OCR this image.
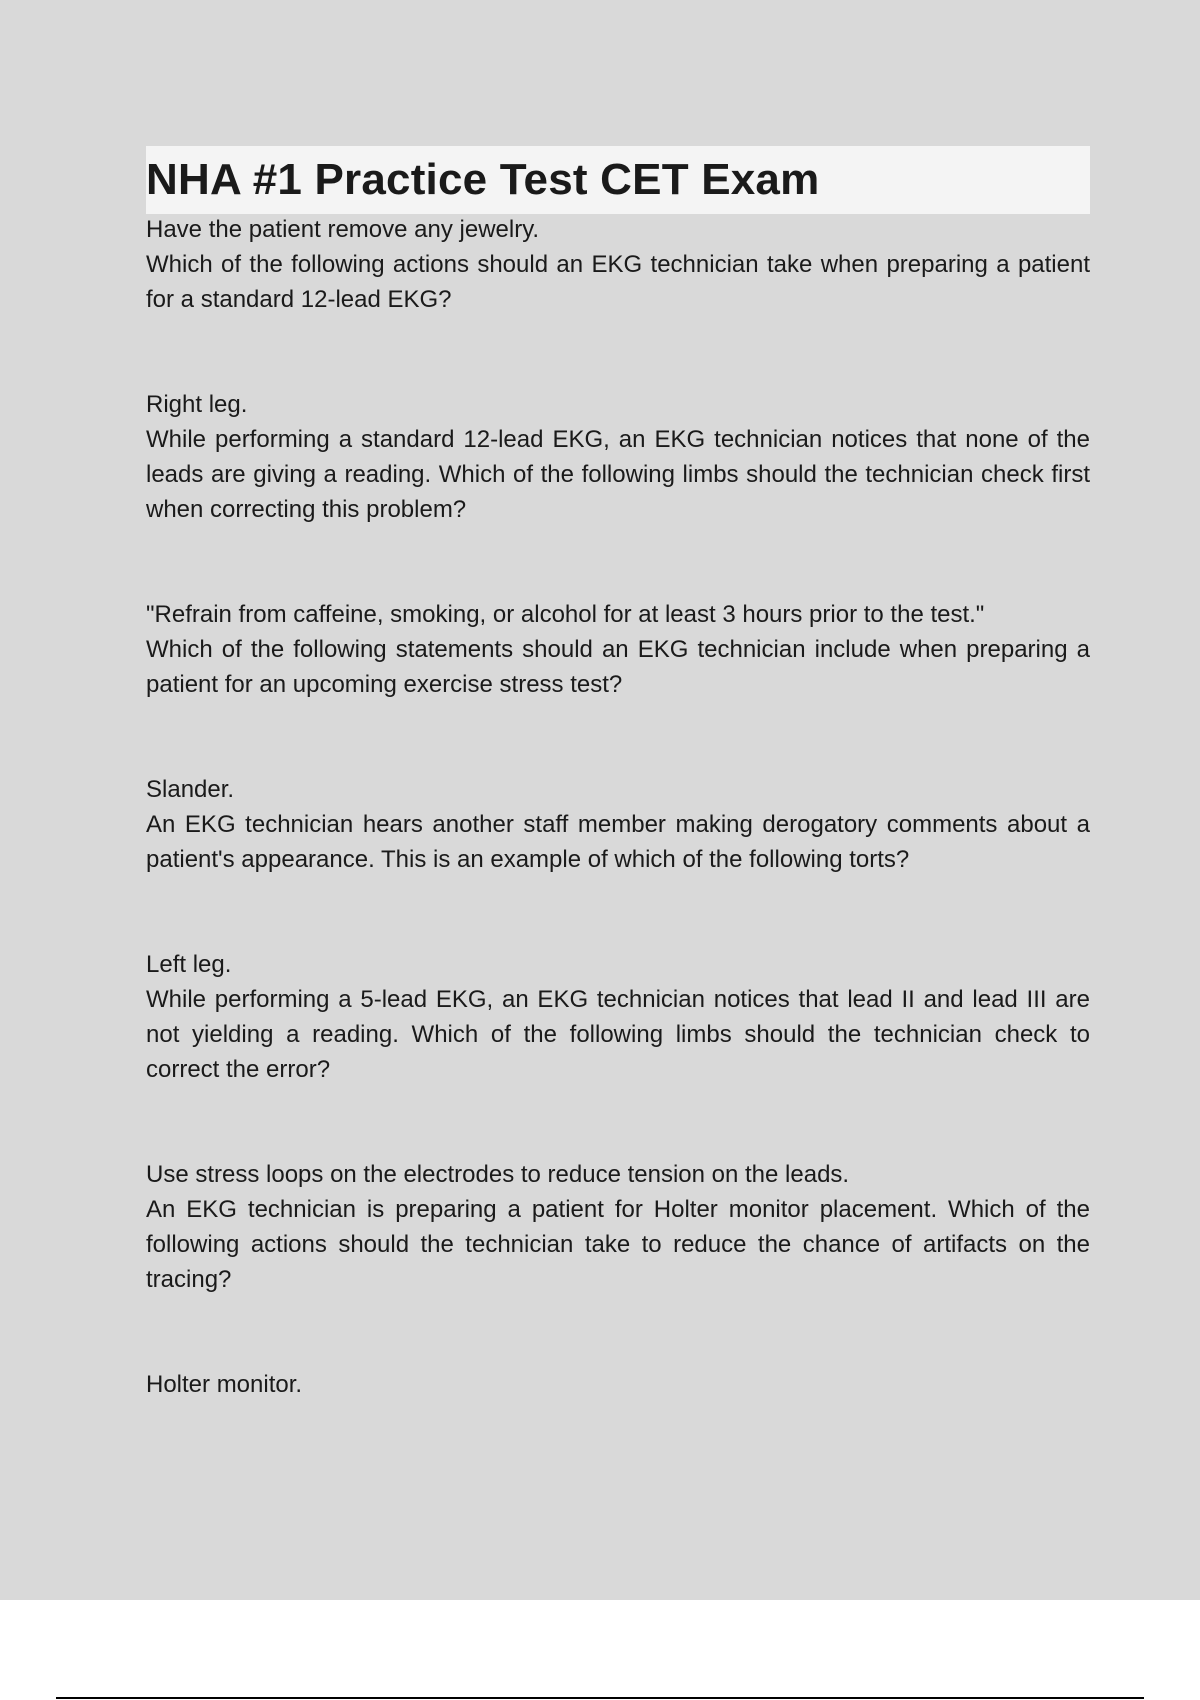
NHA #1 Practice Test CET Exam

Have the patient remove any jewelry.

Which of the following actions should an EKG technician take when preparing a patient for a standard 12-lead EKG?

Right leg.

While performing a standard 12-lead EKG, an EKG technician notices that none of the leads are giving a reading. Which of the following limbs should the technician check first when correcting this problem?

"Refrain from caffeine, smoking, or alcohol for at least 3 hours prior to the test."

Which of the following statements should an EKG technician include when preparing a patient for an upcoming exercise stress test?

Slander.

An EKG technician hears another staff member making derogatory comments about a patient's appearance. This is an example of which of the following torts?

Left leg.

While performing a 5-lead EKG, an EKG technician notices that lead II and lead III are not yielding a reading. Which of the following limbs should the technician check to correct the error?

Use stress loops on the electrodes to reduce tension on the leads.

An EKG technician is preparing a patient for Holter monitor placement. Which of the following actions should the technician take to reduce the chance of artifacts on the tracing?

Holter monitor.
